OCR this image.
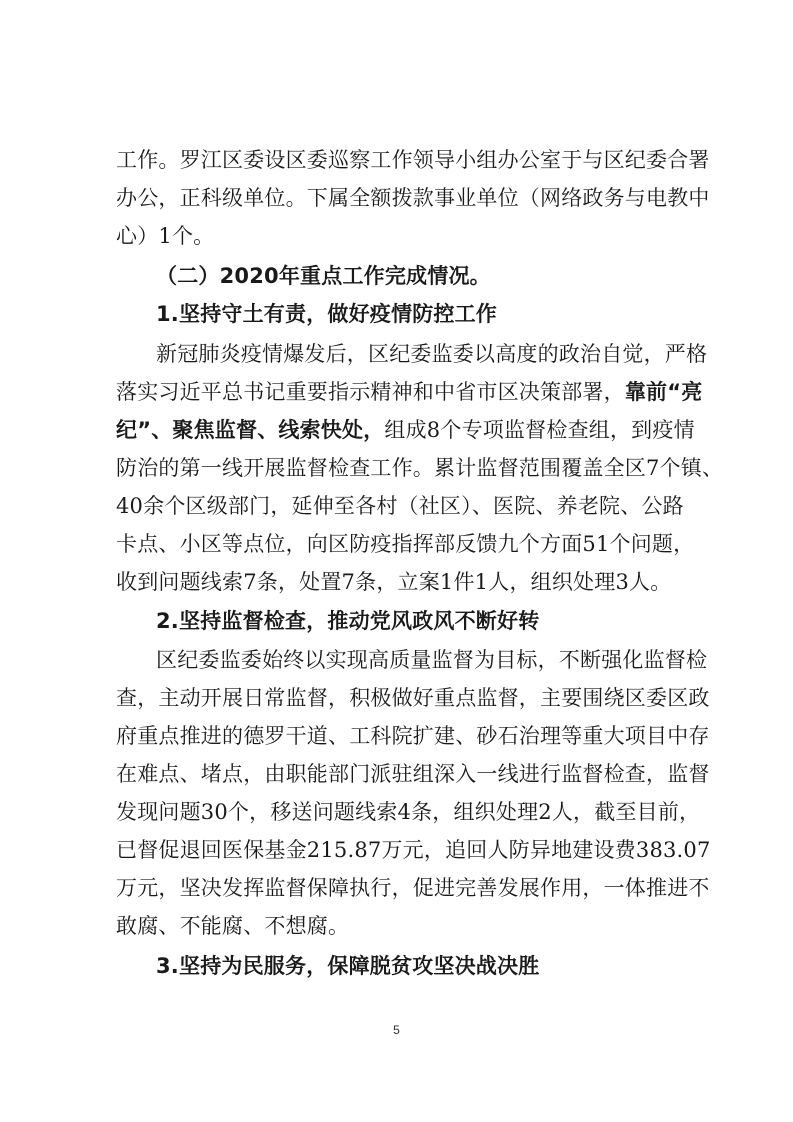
工作。罗江区委设区委巡察工作领导小组办公室于与区纪委合署
办公，正科级单位。下属全额拨款事业单位（网络政务与电教中
心）1个。
（二）2020年重点工作完成情况。
1.坚持守土有责，做好疫情防控工作
新冠肺炎疫情爆发后，区纪委监委以高度的政治自觉，严格
落实习近平总书记重要指示精神和中省市区决策部署，靠前“亮
纪”、聚焦监督、线索快处，组成8个专项监督检查组，到疫情
防治的第一线开展监督检查工作。累计监督范围覆盖全区7个镇、
40余个区级部门，延伸至各村（社区）、医院、养老院、公路
卡点、小区等点位，向区防疫指挥部反馈九个方面51个问题，
收到问题线索7条，处置7条，立案1件1人，组织处理3人。
2.坚持监督检查，推动党风政风不断好转
区纪委监委始终以实现高质量监督为目标，不断强化监督检
查，主动开展日常监督，积极做好重点监督，主要围绕区委区政
府重点推进的德罗干道、工科院扩建、砂石治理等重大项目中存
在难点、堵点，由职能部门派驻组深入一线进行监督检查，监督
发现问题30个，移送问题线索4条，组织处理2人，截至目前，
已督促退回医保基金215.87万元，追回人防异地建设费383.07
万元，坚决发挥监督保障执行，促进完善发展作用，一体推进不
敢腐、不能腐、不想腐。
3.坚持为民服务，保障脱贫攻坚决战决胜
5
